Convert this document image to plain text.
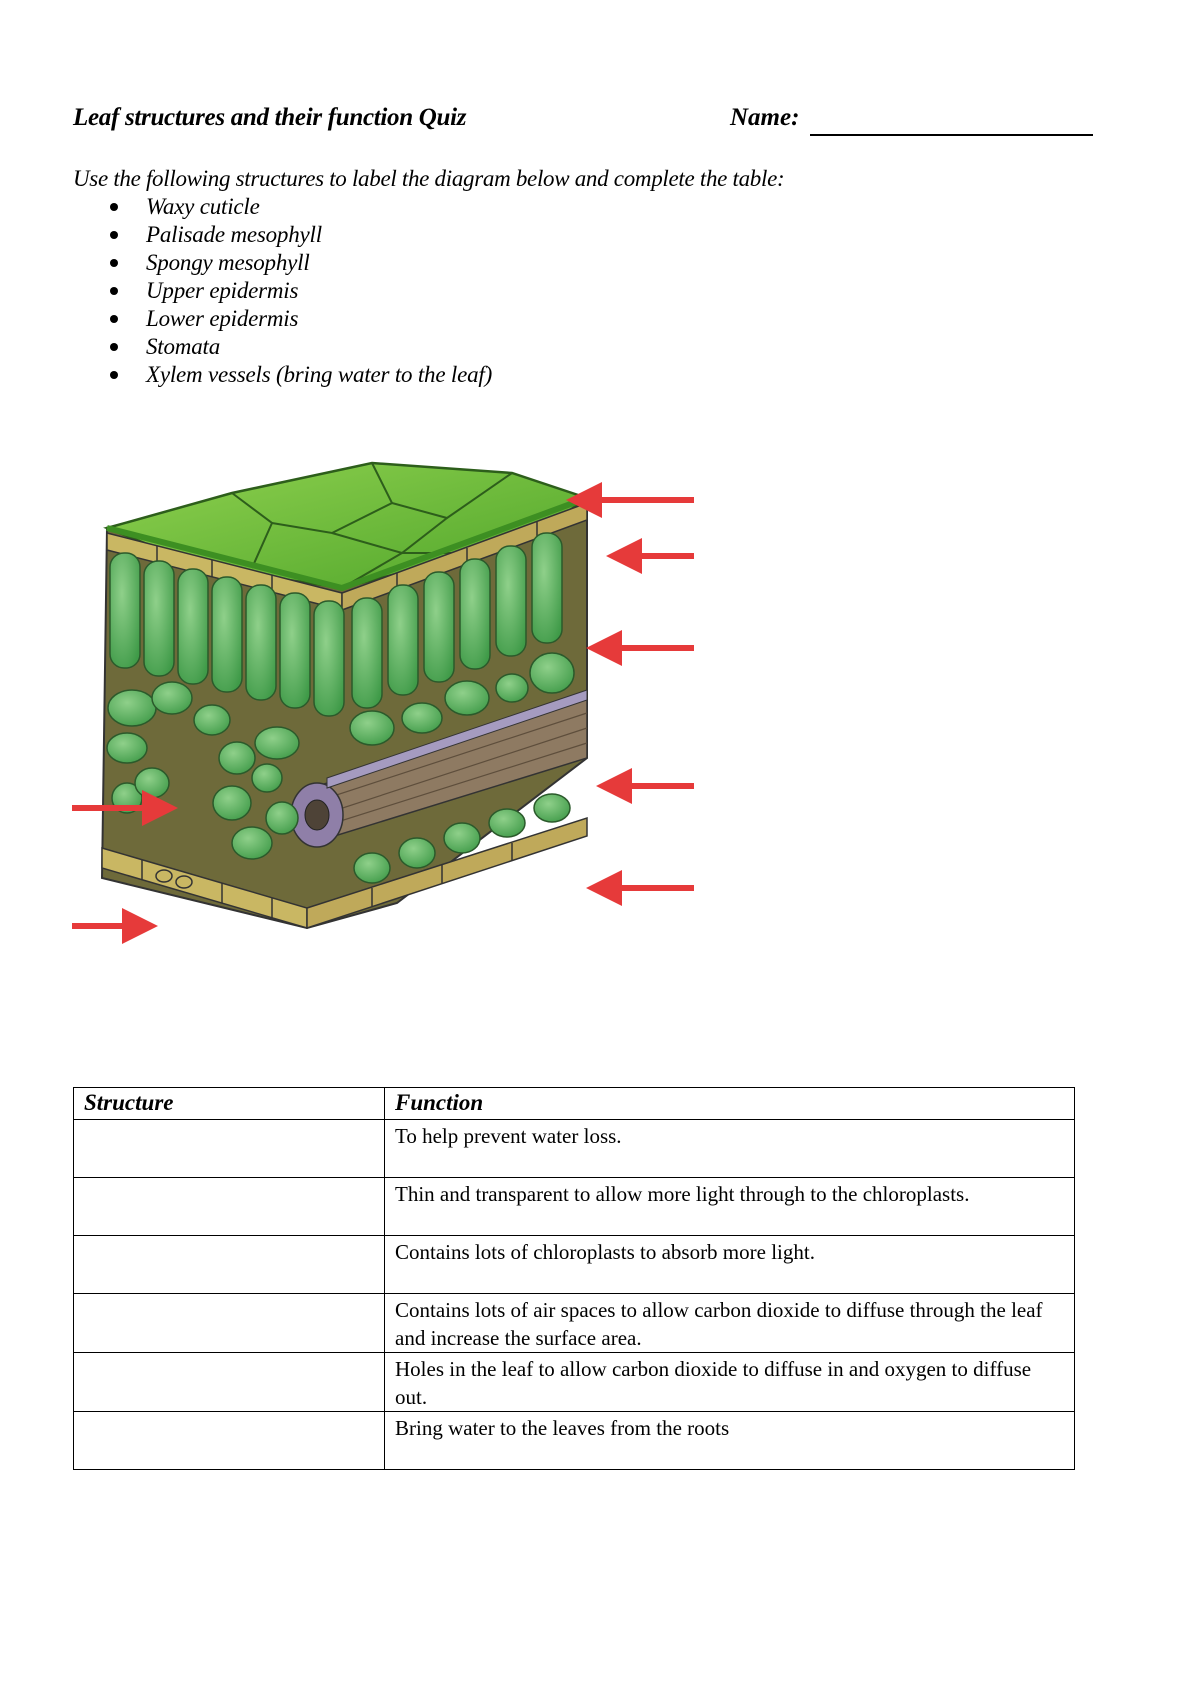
Leaf structures and their function Quiz	Name:
Use the following structures to label the diagram below and complete the table:
Waxy cuticle
Palisade mesophyll
Spongy mesophyll
Upper epidermis
Lower epidermis
Stomata
Xylem vessels (bring water to the leaf)
Structure	Function
	To help prevent water loss.
	Thin and transparent to allow more light through to the chloroplasts.
	Contains lots of chloroplasts to absorb more light.
	Contains lots of air spaces to allow carbon dioxide to diffuse through the leaf and increase the surface area.
	Holes in the leaf to allow carbon dioxide to diffuse in and oxygen to diffuse out.
	Bring water to the leaves from the roots
